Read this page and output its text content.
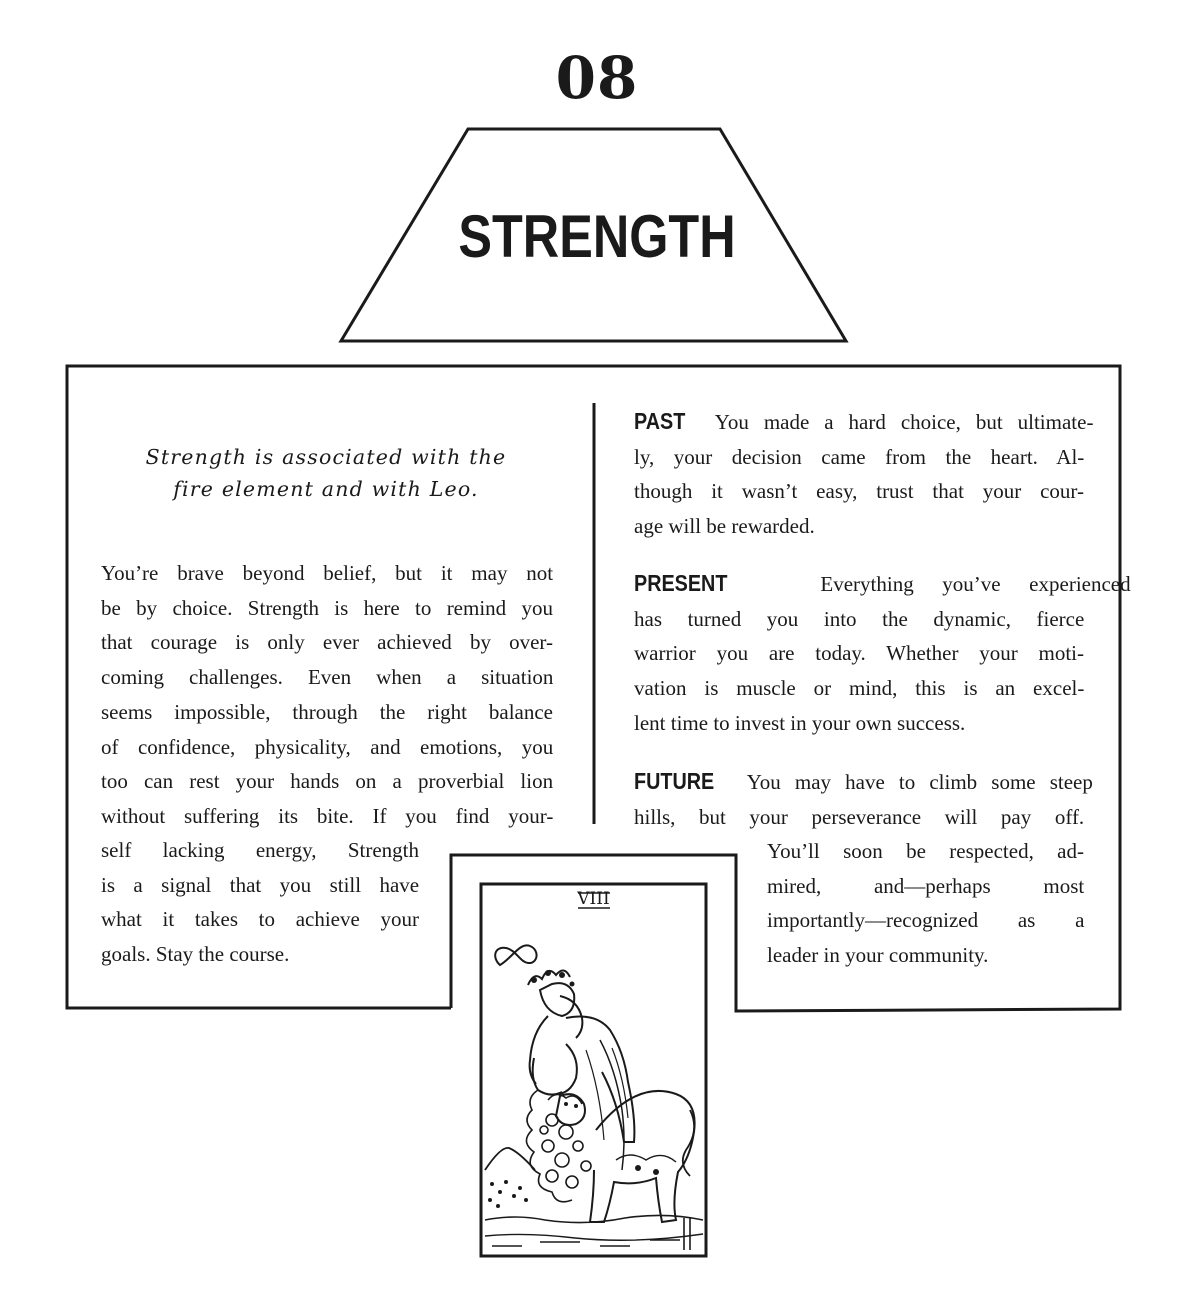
08
VIII
STRENGTH
Strength is associated with the
fire element and with Leo.
You’re brave beyond belief, but it may not
be by choice. Strength is here to remind you
that courage is only ever achieved by over-
coming challenges. Even when a situation
seems impossible, through the right balance
of confidence, physicality, and emotions, you
too can rest your hands on a proverbial lion
without suffering its bite. If you find your-
self lacking energy, Strength
is a signal that you still have
what it takes to achieve your
goals. Stay the course.
PAST You made a hard choice, but ultimate-
ly, your decision came from the heart. Al-
though it wasn’t easy, trust that your cour-
age will be rewarded.
PRESENT	Everything you’ve experienced
has turned you into the dynamic, fierce
warrior you are today. Whether your moti-
vation is muscle or mind, this is an excel-
lent time to invest in your own success.
FUTURE You may have to climb some steep
hills, but your perseverance will pay off.
You’ll soon be respected, ad-
mired, and—perhaps most
importantly—recognized as a
leader in your community.
